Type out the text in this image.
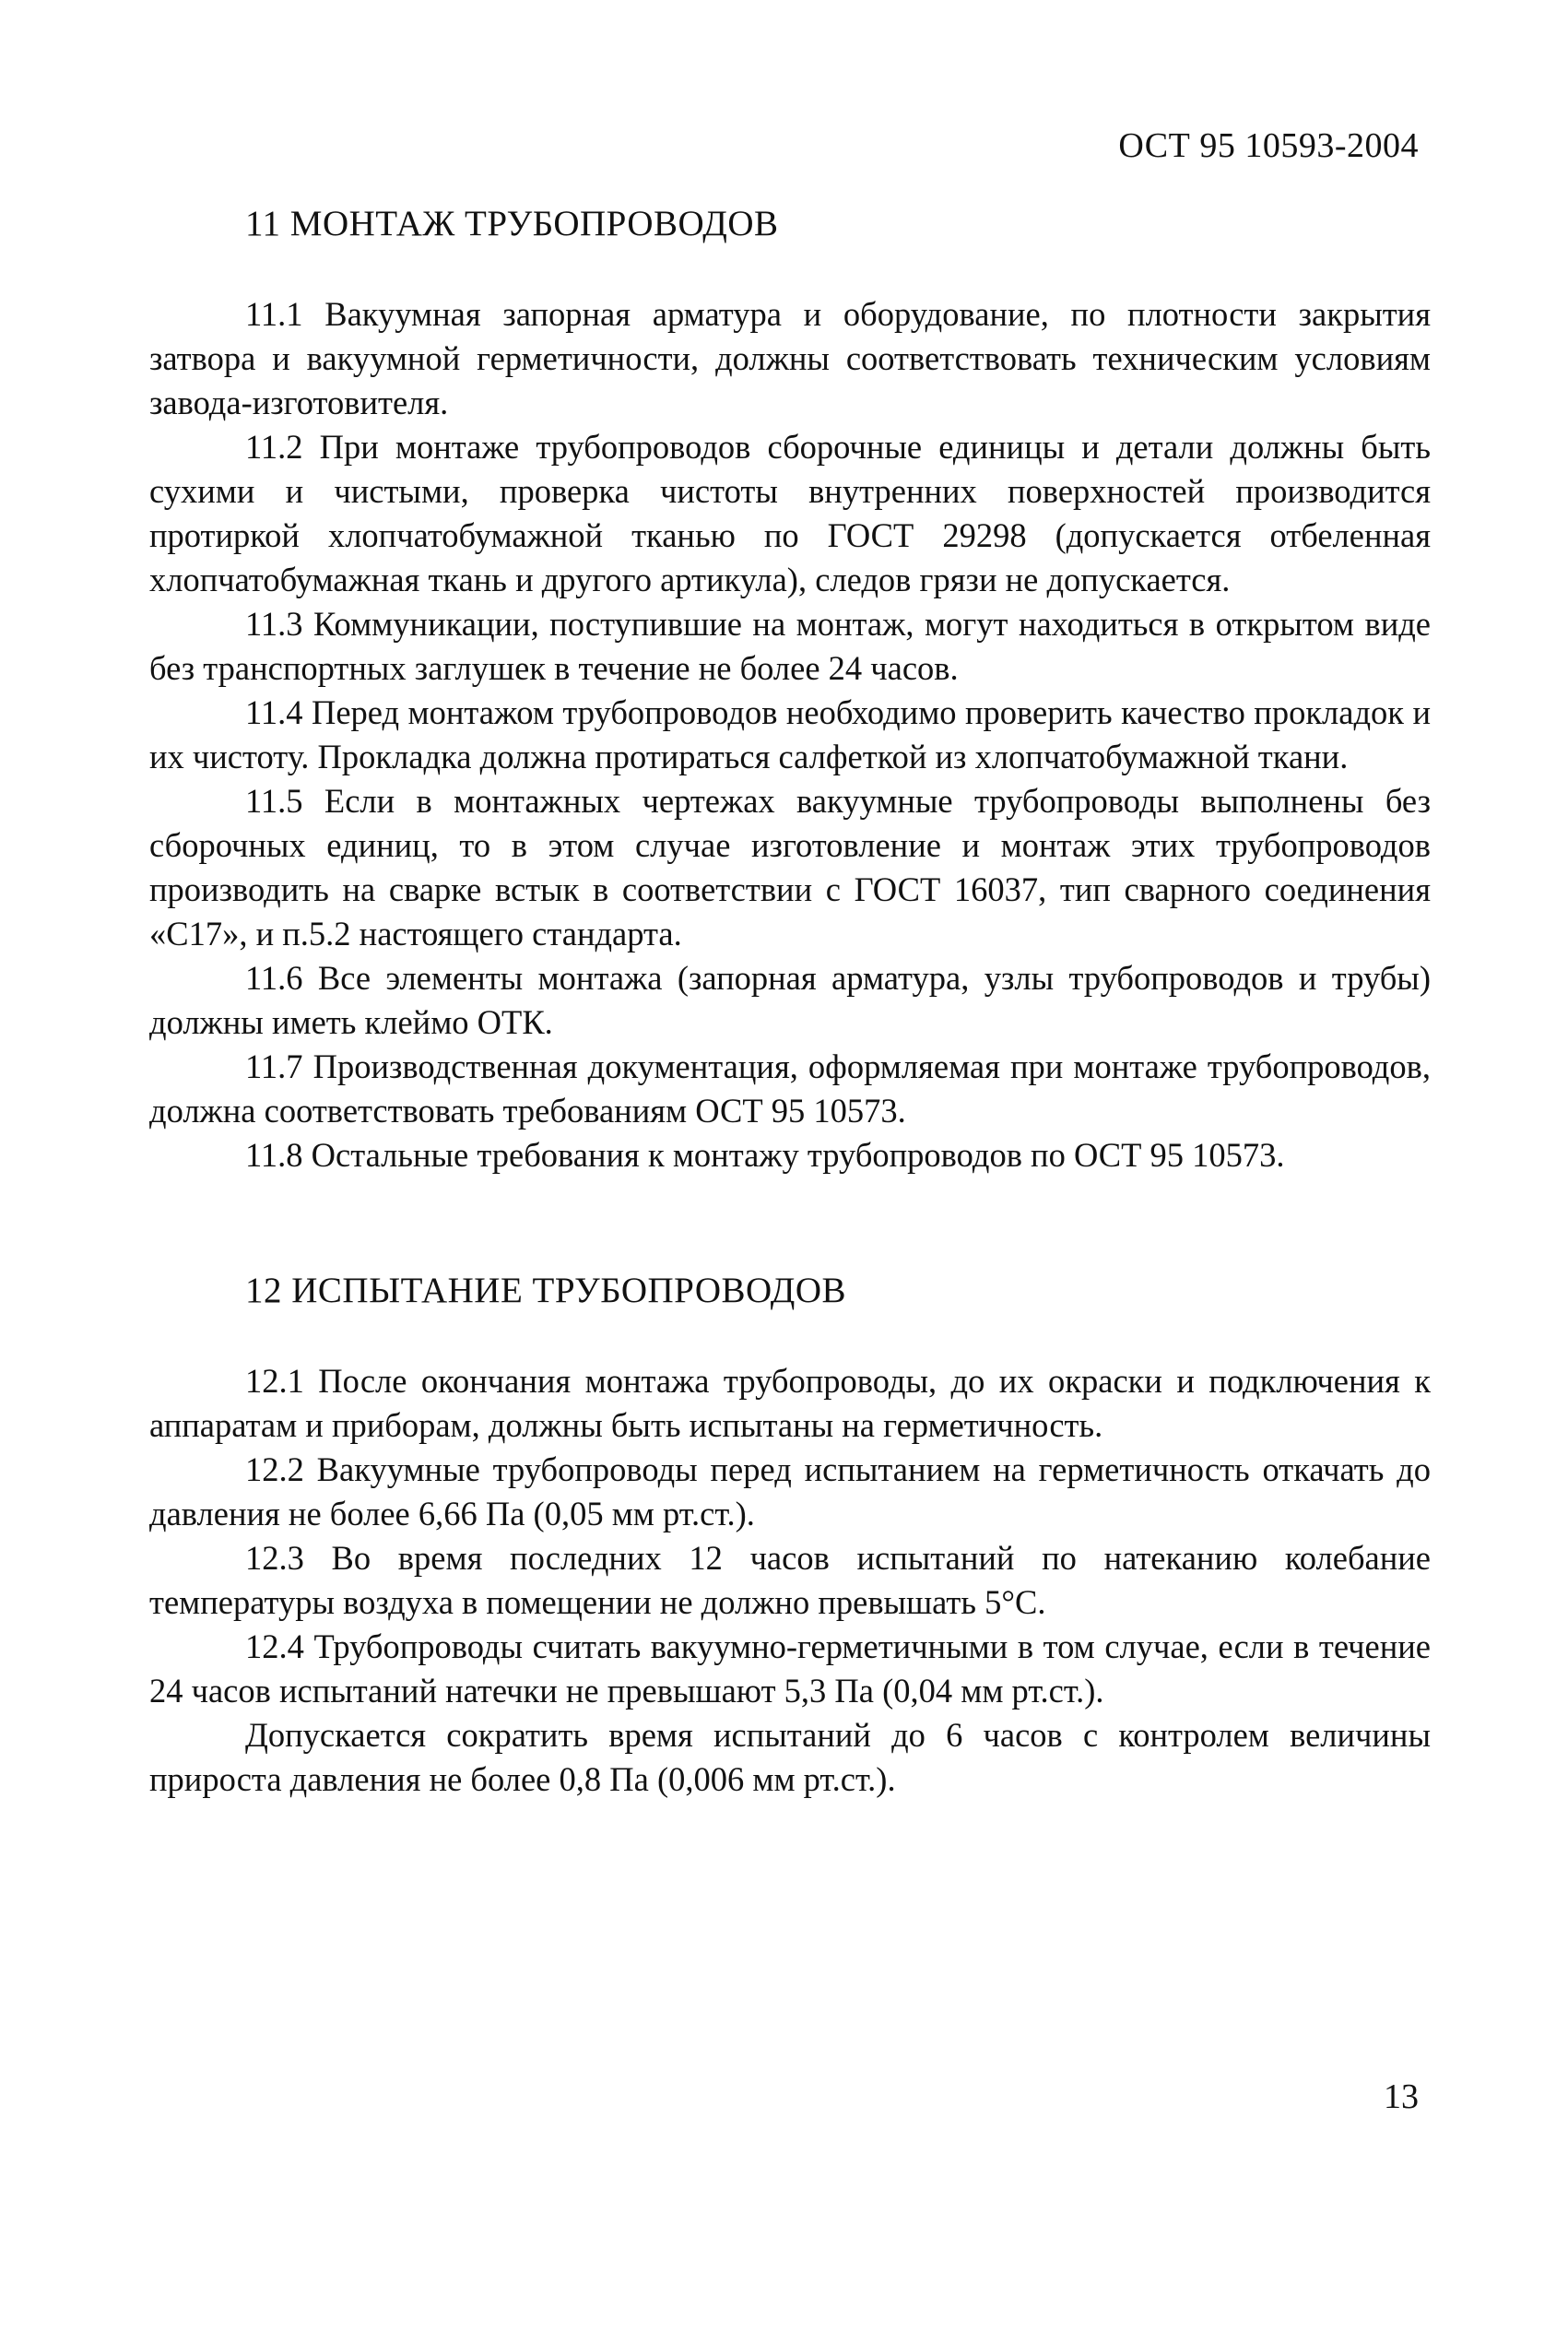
ОСТ 95 10593-2004
11 МОНТАЖ ТРУБОПРОВОДОВ

11.1 Вакуумная запорная арматура и оборудование, по плотности закрытия затвора и вакуумной герметичности, должны соответствовать техническим условиям завода-изготовителя.

11.2 При монтаже трубопроводов сборочные единицы и детали должны быть сухими и чистыми, проверка чистоты внутренних поверхностей производится протиркой хлопчатобумажной тканью по ГОСТ 29298 (допускается отбеленная хлопчатобумажная ткань и другого артикула), следов грязи не допускается.

11.3 Коммуникации, поступившие на монтаж, могут находиться в открытом виде без транспортных заглушек в течение не более 24 часов.

11.4 Перед монтажом трубопроводов необходимо проверить качество прокладок и их чистоту. Прокладка должна протираться салфеткой из хлопчатобумажной ткани.

11.5 Если в монтажных чертежах вакуумные трубопроводы выполнены без сборочных единиц, то в этом случае изготовление и монтаж этих трубопроводов производить на сварке встык в соответствии с ГОСТ 16037, тип сварного соединения «С17», и п.5.2 настоящего стандарта.

11.6 Все элементы монтажа (запорная арматура, узлы трубопроводов и трубы) должны иметь клеймо ОТК.

11.7 Производственная документация, оформляемая при монтаже трубопроводов, должна соответствовать требованиям ОСТ 95 10573.

11.8 Остальные требования к монтажу трубопроводов по ОСТ 95 10573.

12 ИСПЫТАНИЕ ТРУБОПРОВОДОВ

12.1 После окончания монтажа трубопроводы, до их окраски и подключения к аппаратам и приборам, должны быть испытаны на герметичность.

12.2 Вакуумные трубопроводы перед испытанием на герметичность откачать до давления не более 6,66 Па (0,05 мм рт.ст.).

12.3 Во время последних 12 часов испытаний по натеканию колебание температуры воздуха в помещении не должно превышать 5°С.

12.4 Трубопроводы считать вакуумно-герметичными в том случае, если в течение 24 часов испытаний натечки не превышают 5,3 Па (0,04 мм рт.ст.).

Допускается сократить время испытаний до 6 часов с контролем величины прироста давления не более 0,8 Па (0,006 мм рт.ст.).

13
